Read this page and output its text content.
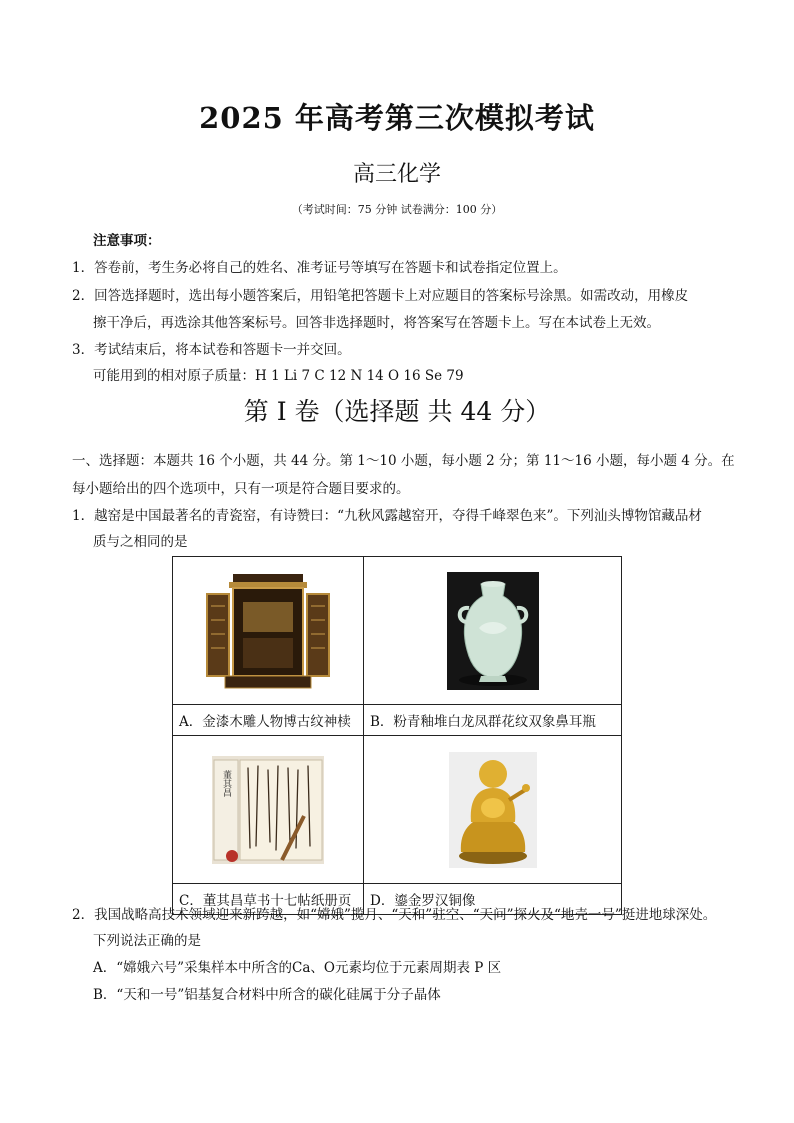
2025 年高考第三次模拟考试
高三化学
（考试时间：75 分钟 试卷满分：100 分）
注意事项：
1．答卷前，考生务必将自己的姓名、准考证号等填写在答题卡和试卷指定位置上。
2．回答选择题时，选出每小题答案后，用铅笔把答题卡上对应题目的答案标号涂黑。如需改动，用橡皮
擦干净后，再选涂其他答案标号。回答非选择题时，将答案写在答题卡上。写在本试卷上无效。
3．考试结束后，将本试卷和答题卡一并交回。
可能用到的相对原子质量：H 1 Li 7 C 12 N 14 O 16 Se 79
第 I 卷（选择题 共 44 分）
一、选择题：本题共 16 个小题，共 44 分。第 1～10 小题，每小题 2 分；第 11～16 小题，每小题 4 分。在
每小题给出的四个选项中，只有一项是符合题目要求的。
1．越窑是中国最著名的青瓷窑，有诗赞曰：“九秋风露越窑开，夺得千峰翠色来”。下列汕头博物馆藏品材
质与之相同的是

A．金漆木雕人物博古纹神椟	B．粉青釉堆白龙凤群花纹双象鼻耳瓶

董其昌

C．董其昌草书十七帖纸册页	D．鎏金罗汉铜像
2．我国战略高技术领域迎来新跨越，如“嫦娥”揽月、“天和”驻空、“天问”探火及“地壳一号”挺进地球深处。
下列说法正确的是
A．“嫦娥六号”采集样本中所含的Ca、O元素均位于元素周期表 P 区
B．“天和一号”铝基复合材料中所含的碳化硅属于分子晶体
